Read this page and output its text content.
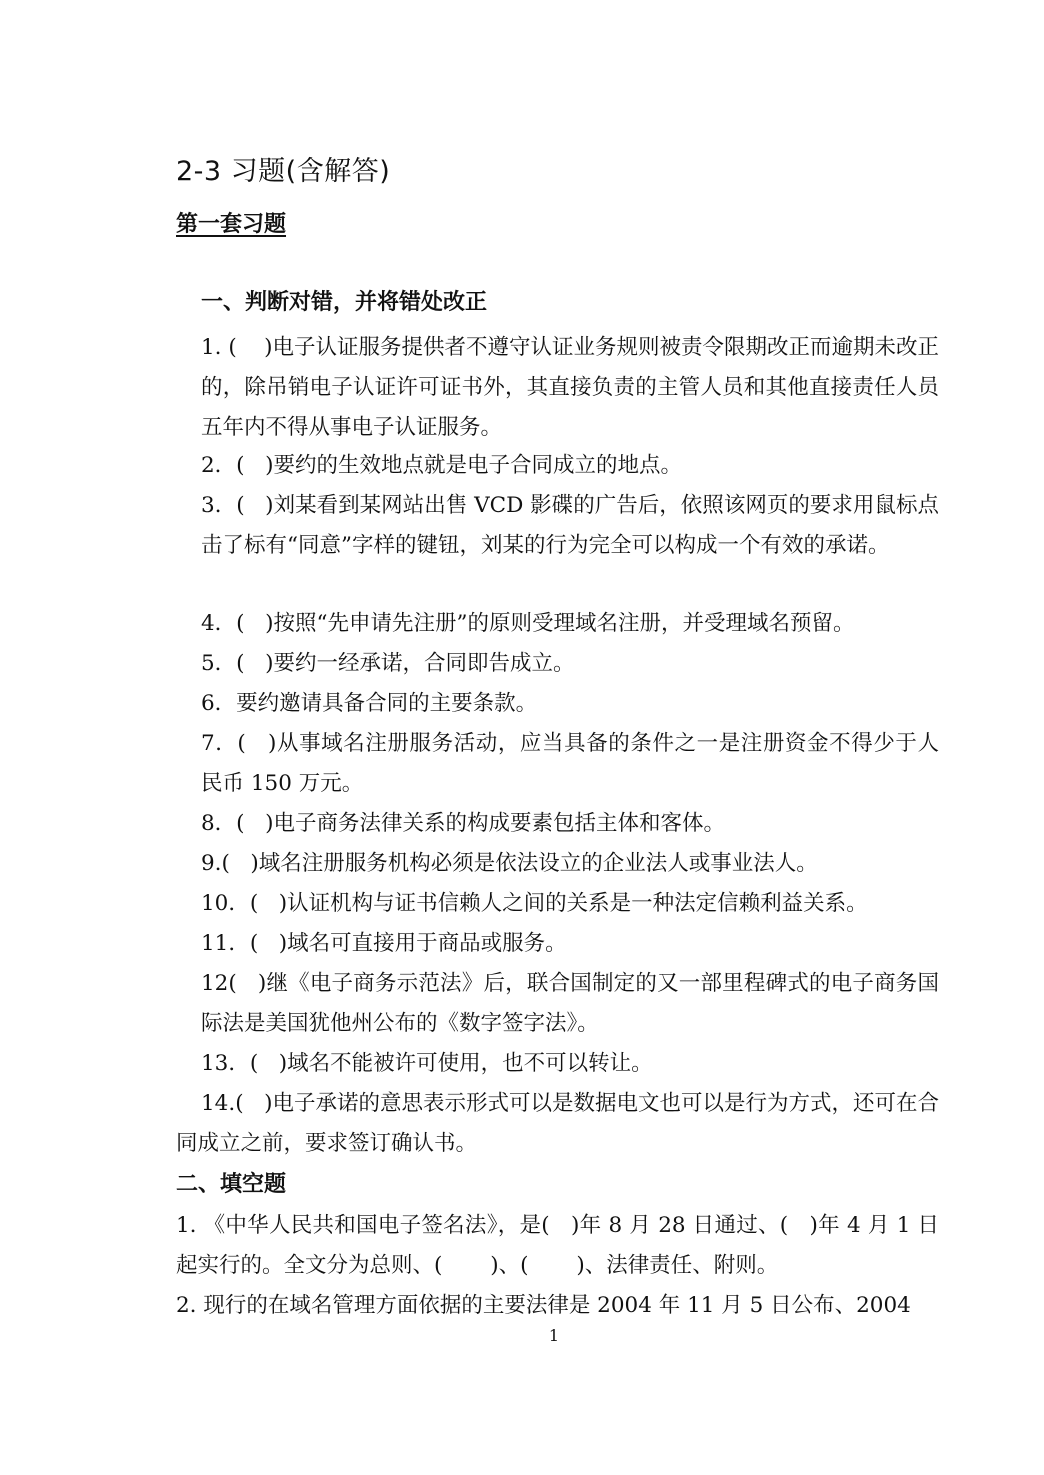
2-3 习题(含解答)
第一套习题
一、判断对错，并将错处改正

1. (    )电子认证服务提供者不遵守认证业务规则被责令限期改正而逾期未改正的，除吊销电子认证许可证书外，其直接负责的主管人员和其他直接责任人员五年内不得从事电子认证服务。

2．(   )要约的生效地点就是电子合同成立的地点。

3．(   )刘某看到某网站出售 VCD 影碟的广告后，依照该网页的要求用鼠标点击了标有“同意”字样的键钮，刘某的行为完全可以构成一个有效的承诺。

4．(   )按照“先申请先注册”的原则受理域名注册，并受理域名预留。

5．(   )要约一经承诺，合同即告成立。

6．要约邀请具备合同的主要条款。

7．(   )从事域名注册服务活动，应当具备的条件之一是注册资金不得少于人民币 150 万元。

8．(   )电子商务法律关系的构成要素包括主体和客体。

9.(   )域名注册服务机构必须是依法设立的企业法人或事业法人。

10．(   )认证机构与证书信赖人之间的关系是一种法定信赖利益关系。

11．(   )域名可直接用于商品或服务。

12(   )继《电子商务示范法》后，联合国制定的又一部里程碑式的电子商务国际法是美国犹他州公布的《数字签字法》。

13．(   )域名不能被许可使用，也不可以转让。

14.(   )电子承诺的意思表示形式可以是数据电文也可以是行为方式，还可在合同成立之前，要求签订确认书。

二、填空题

1. 《中华人民共和国电子签名法》，是(   )年 8 月 28 日通过、(   )年 4 月 1 日起实行的。全文分为总则、(       )、(       )、法律责任、附则。

2. 现行的在域名管理方面依据的主要法律是 2004 年 11 月 5 日公布、2004

1
